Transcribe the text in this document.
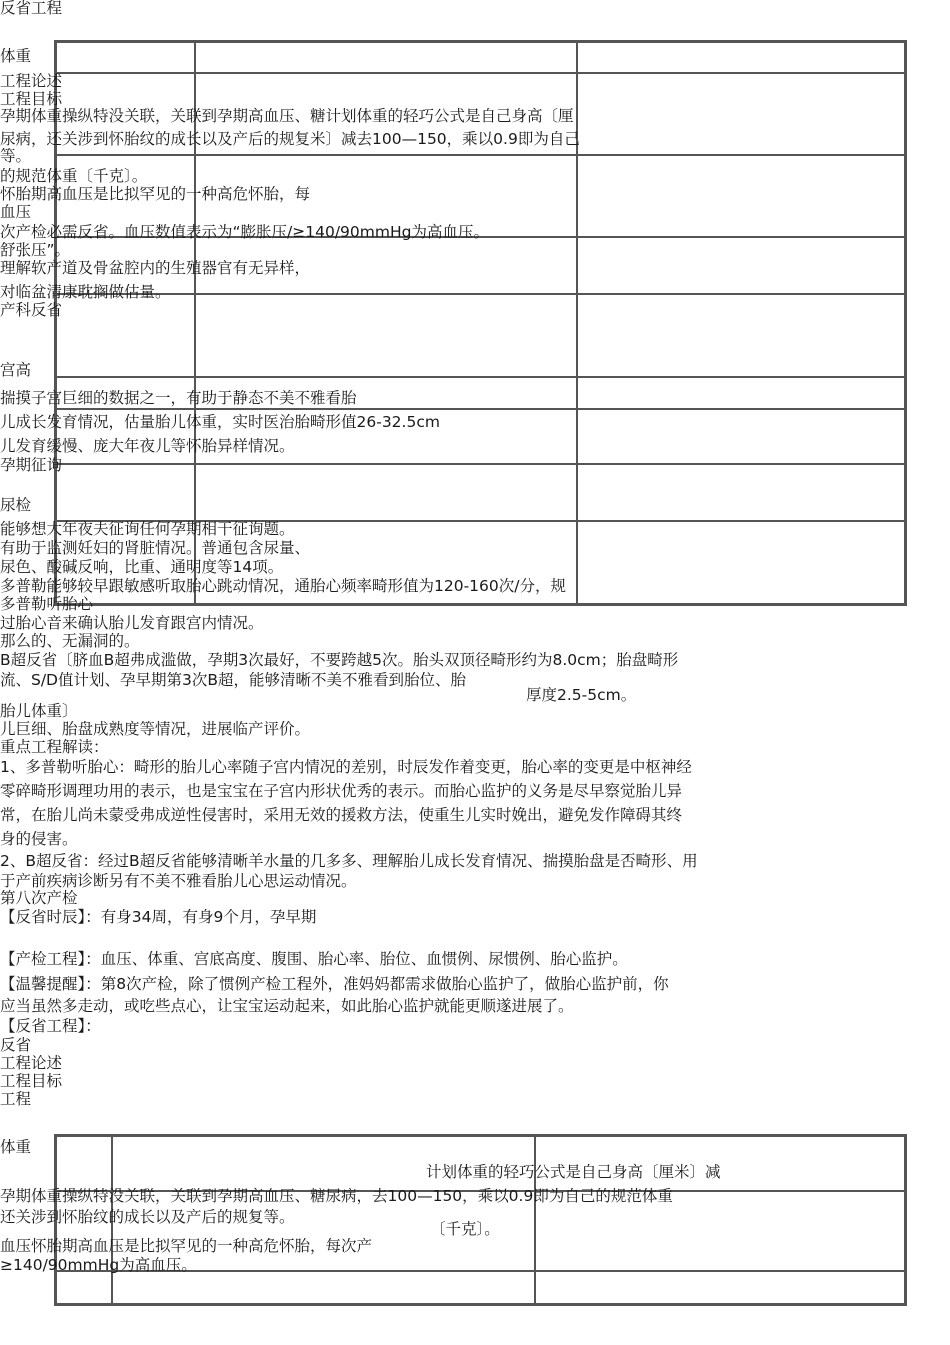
反省工程
体重
工程论述
工程目标
孕期体重操纵特没关联，关联到孕期高血压、糖计划体重的轻巧公式是自己身高〔厘
尿病，还关涉到怀胎纹的成长以及产后的规复米〕减去100—150，乘以0.9即为自己
等。
的规范体重〔千克〕。
怀胎期高血压是比拟罕见的一种高危怀胎，每
血压
次产检必需反省。血压数值表示为“膨胀压/≥140/90mmHg为高血压。
舒张压”。
理解软产道及骨盆腔内的生殖器官有无异样，
对临盆清康耽搁做估量。
产科反省
宫高
揣摸子宫巨细的数据之一，有助于静态不美不雅看胎
儿成长发育情况，估量胎儿体重，实时医治胎畸形值26-32.5cm
儿发育缓慢、庞大年夜儿等怀胎异样情况。
孕期征询
尿检
能够想大年夜夫征询任何孕期相干征询题。
有助于监测妊妇的肾脏情况。普通包含尿量、
尿色、酸碱反响，比重、通明度等14项。
多普勒能够较早跟敏感听取胎心跳动情况，通胎心频率畸形值为120-160次/分，规
多普勒听胎心
过胎心音来确认胎儿发育跟宫内情况。
那么的、无漏洞的。
B超反省〔脐血B超弗成滥做，孕期3次最好，不要跨越5次。胎头双顶径畸形约为8.0cm；胎盘畸形
流、S/D值计划、孕早期第3次B超，能够清晰不美不雅看到胎位、胎
厚度2.5-5cm。
胎儿体重〕
儿巨细、胎盘成熟度等情况，进展临产评价。
重点工程解读：
1、多普勒听胎心：畸形的胎儿心率随子宫内情况的差别，时辰发作着变更，胎心率的变更是中枢神经
零碎畸形调理功用的表示，也是宝宝在子宫内形状优秀的表示。而胎心监护的义务是尽早察觉胎儿异
常，在胎儿尚未蒙受弗成逆性侵害时，采用无效的援救方法，使重生儿实时娩出，避免发作障碍其终
身的侵害。
2、B超反省：经过B超反省能够清晰羊水量的几多多、理解胎儿成长发育情况、揣摸胎盘是否畸形、用
于产前疾病诊断另有不美不雅看胎儿心思运动情况。
第八次产检
【反省时辰】：有身34周，有身9个月，孕早期
【产检工程】：血压、体重、宫底高度、腹围、胎心率、胎位、血惯例、尿惯例、胎心监护。
【温馨提醒】：第8次产检，除了惯例产检工程外，准妈妈都需求做胎心监护了，做胎心监护前，你
应当虽然多走动，或吃些点心，让宝宝运动起来，如此胎心监护就能更顺遂进展了。
【反省工程】：
反省
工程论述
工程目标
工程
体重
计划体重的轻巧公式是自己身高〔厘米〕减
孕期体重操纵特没关联，关联到孕期高血压、糖尿病，去100—150，乘以0.9即为自己的规范体重
还关涉到怀胎纹的成长以及产后的规复等。
〔千克〕。
血压怀胎期高血压是比拟罕见的一种高危怀胎，每次产
≥140/90mmHg为高血压。
